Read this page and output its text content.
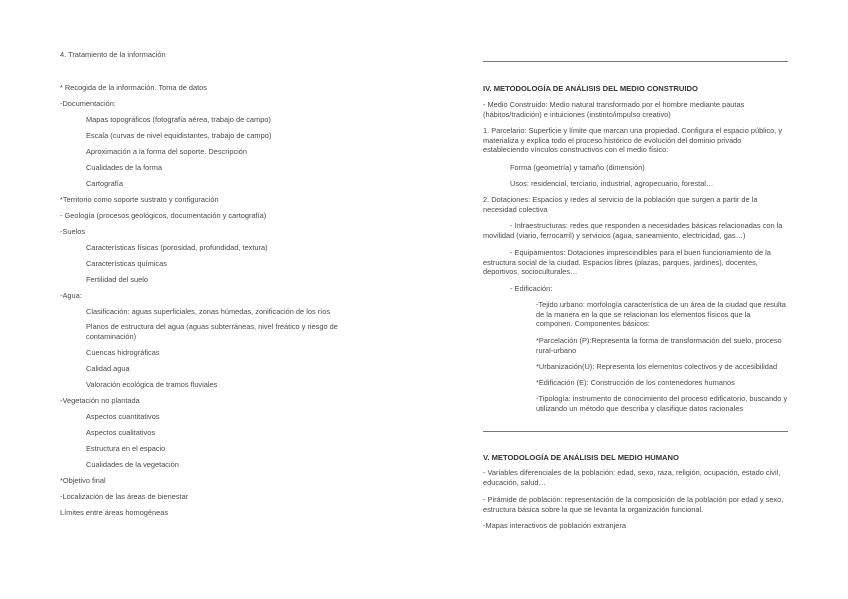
4. Tratamiento de la información
* Recogida de la información. Toma de datos
-Documentación:
Mapas topográficos (fotografía aérea, trabajo de campo)
Escala (curvas de nivel equidistantes, trabajo de campo)
Aproximación a la forma del soporte. Descripción
Cualidades de la forma
Cartografía
*Territorio como soporte sustrato y configuración
- Geología (procesos geológicos, documentación y cartografía)
-Suelos
Características físicas (porosidad, profundidad, textura)
Características químicas
Fertilidad del suelo
-Agua:
Clasificación: aguas superficiales, zonas húmedas, zonificación de los ríos
Planos de estructura del agua (aguas subterráneas, nivel freático y riesgo de contaminación)
Cuencas hidrográficas
Calidad agua
Valoración ecológica de tramos fluviales
-Vegetación no plantada
Aspectos cuantitativos
Aspectos cualitativos
Estructura en el espacio
Cualidades de la vegetación
*Objetivo final
-Localización de las áreas de bienestar
Límites entre áreas homogéneas
IV. METODOLOGÍA DE ANÁLISIS DEL MEDIO CONSTRUIDO
- Medio Construido: Medio natural transformado por el hombre mediante pautas (hábitos/tradición) e intuiciones (instinto/impulso creativo)
1. Parcelario: Superficie y límite que marcan una propiedad. Configura el espacio público, y materializa y explica todo el proceso histórico de evolución del dominio privado estableciendo vínculos constructivos con el medio físico:
Forma (geometría) y tamaño (dimensión)
Usos: residencial, terciario, industrial, agropecuario, forestal…
2. Dotaciones: Espacios y redes al servicio de la población que surgen a partir de la necesidad colectiva
- Infraestructuras: redes que responden a necesidades básicas relacionadas con la movilidad (viario, ferrocarril) y servicios (agua, saneamiento, electricidad, gas…)
- Equipamientos: Dotaciones imprescindibles para el buen funcionamiento de la estructura social de la ciudad. Espacios libres (plazas, parques, jardines), docentes, deportivos, socioculturales…
- Edificación:
-Tejido urbano: morfología característica de un área de la ciudad que resulta de la manera en la que se relacionan los elementos físicos que la componen. Componentes básicos:
*Parcelación (P):Representa la forma de transformación del suelo, proceso rural-urbano
*Urbanización(U): Representa los elementos colectivos y de accesibilidad
*Edificación (E): Construcción de los contenedores humanos
-Tipología: instrumento de conocimiento del proceso edificatorio, buscando y utilizando un método que describa y clasifique datos racionales
V. METODOLOGÍA DE ANÁLISIS DEL MEDIO HUMANO
- Variables diferenciales de la población: edad, sexo, raza, religión, ocupación, estado civil, educación, salud…
- Pirámide de población: representación de la composición de la población por edad y sexo, estructura básica sobre la que se levanta la organización funcional.
-Mapas interactivos de población extranjera
